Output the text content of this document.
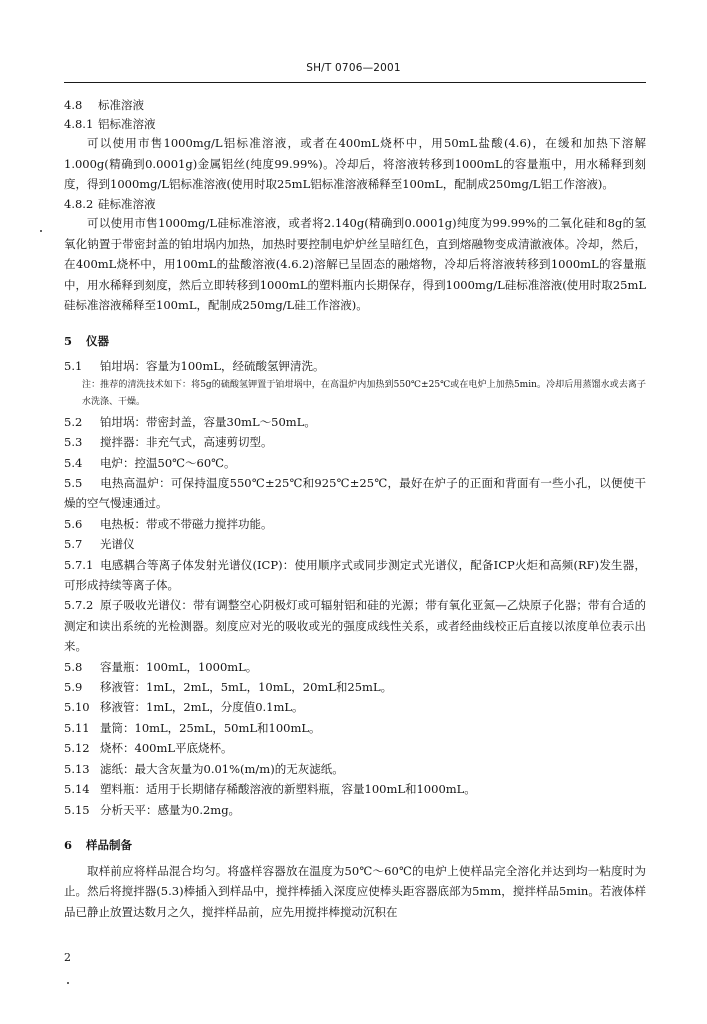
SH/T 0706—2001

4.8 标准溶液

4.8.1 铝标准溶液

可以使用市售1000mg/L铝标准溶液，或者在400mL烧杯中，用50mL盐酸(4.6)，在缓和加热下溶解1.000g(精确到0.0001g)金属铝丝(纯度99.99%)。冷却后，将溶液转移到1000mL的容量瓶中，用水稀释到刻度，得到1000mg/L铝标准溶液(使用时取25mL铝标准溶液稀释至100mL，配制成250mg/L铝工作溶液)。

4.8.2 硅标准溶液

可以使用市售1000mg/L硅标准溶液，或者将2.140g(精确到0.0001g)纯度为99.99%的二氧化硅和8g的氢氧化钠置于带密封盖的铂坩埚内加热，加热时要控制电炉炉丝呈暗红色，直到熔融物变成清澈液体。冷却，然后，在400mL烧杯中，用100mL的盐酸溶液(4.6.2)溶解已呈固态的融熔物，冷却后将溶液转移到1000mL的容量瓶中，用水稀释到刻度，然后立即转移到1000mL的塑料瓶内长期保存，得到1000mg/L硅标准溶液(使用时取25mL硅标准溶液稀释至100mL，配制成250mg/L硅工作溶液)。

5 仪器

5.1 铂坩埚：容量为100mL，经硫酸氢钾清洗。

注：推荐的清洗技术如下：将5g的硫酸氢钾置于铂坩埚中，在高温炉内加热到550℃±25℃或在电炉上加热5min。冷却后用蒸馏水或去离子水洗涤、干燥。

5.2 铂坩埚：带密封盖，容量30mL～50mL。

5.3 搅拌器：非充气式，高速剪切型。

5.4 电炉：控温50℃～60℃。

5.5 电热高温炉：可保持温度550℃±25℃和925℃±25℃，最好在炉子的正面和背面有一些小孔，以便使干燥的空气慢速通过。

5.6 电热板：带或不带磁力搅拌功能。

5.7 光谱仪

5.7.1 电感耦合等离子体发射光谱仪(ICP)：使用顺序式或同步测定式光谱仪，配备ICP火炬和高频(RF)发生器，可形成持续等离子体。

5.7.2 原子吸收光谱仪：带有调整空心阴极灯或可辐射铝和硅的光源；带有氧化亚氮—乙炔原子化器；带有合适的测定和读出系统的光检测器。刻度应对光的吸收或光的强度成线性关系，或者经曲线校正后直接以浓度单位表示出来。

5.8 容量瓶：100mL，1000mL。

5.9 移液管：1mL，2mL，5mL，10mL，20mL和25mL。

5.10 移液管：1mL，2mL，分度值0.1mL。

5.11 量筒：10mL，25mL，50mL和100mL。

5.12 烧杯：400mL平底烧杯。

5.13 滤纸：最大含灰量为0.01%(m/m)的无灰滤纸。

5.14 塑料瓶：适用于长期储存稀酸溶液的新塑料瓶，容量100mL和1000mL。

5.15 分析天平：感量为0.2mg。

6 样品制备

取样前应将样品混合均匀。将盛样容器放在温度为50℃～60℃的电炉上使样品完全溶化并达到均一粘度时为止。然后将搅拌器(5.3)棒插入到样品中，搅拌棒插入深度应使棒头距容器底部为5mm，搅拌样品5min。若液体样品已静止放置达数月之久，搅拌样品前，应先用搅拌棒搅动沉积在

2
